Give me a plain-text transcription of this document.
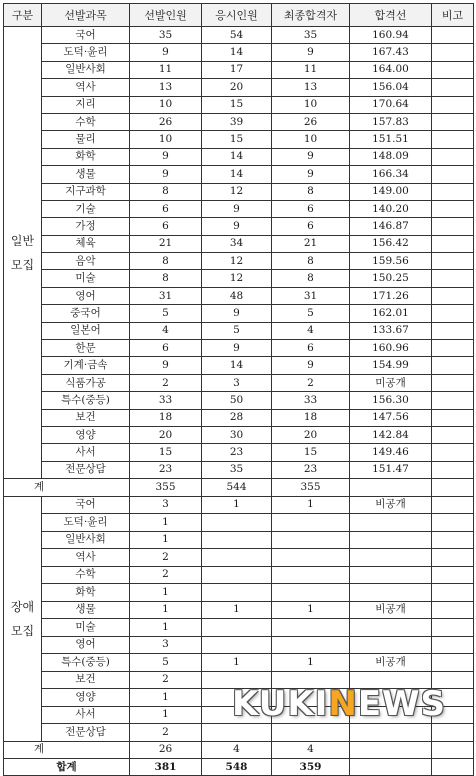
구분	선발과목	선발인원	응시인원	최종합격자	합격선	비고

일반
모집	국어	35	54	35	160.94	
	도덕·윤리	9	14	9	167.43	
	일반사회	11	17	11	164.00	
	역사	13	20	13	156.04	
	지리	10	15	10	170.64	
	수학	26	39	26	157.83	
	물리	10	15	10	151.51	
	화학	9	14	9	148.09	
	생물	9	14	9	166.34	
	지구과학	8	12	8	149.00	
	기술	6	9	6	140.20	
	가정	6	9	6	146.87	
	체육	21	34	21	156.42	
	음악	8	12	8	159.56	
	미술	8	12	8	150.25	
	영어	31	48	31	171.26	
	중국어	5	9	5	162.01	
	일본어	4	5	4	133.67	
	한문	6	9	6	160.96	
	기계·금속	9	14	9	154.99	
	식품가공	2	3	2	미공개	
	특수(중등)	33	50	33	156.30	
	보건	18	28	18	147.56	
	영양	20	30	20	142.84	
	사서	15	23	15	149.46	
	전문상담	23	35	23	151.47	
계		355	544	355		

장애
모집	국어	3	1	1	비공개	
	도덕·윤리	1				
	일반사회	1				
	역사	2				
	수학	2				
	화학	1				
	생물	1	1	1	비공개	
	미술	1				
	영어	3				
	특수(중등)	5	1	1	비공개	
	보건	2				
	영양	1				
	사서	1				
	전문상담	2				
계		26	4	4		
합계		381	548	359		
KUKINEWS
